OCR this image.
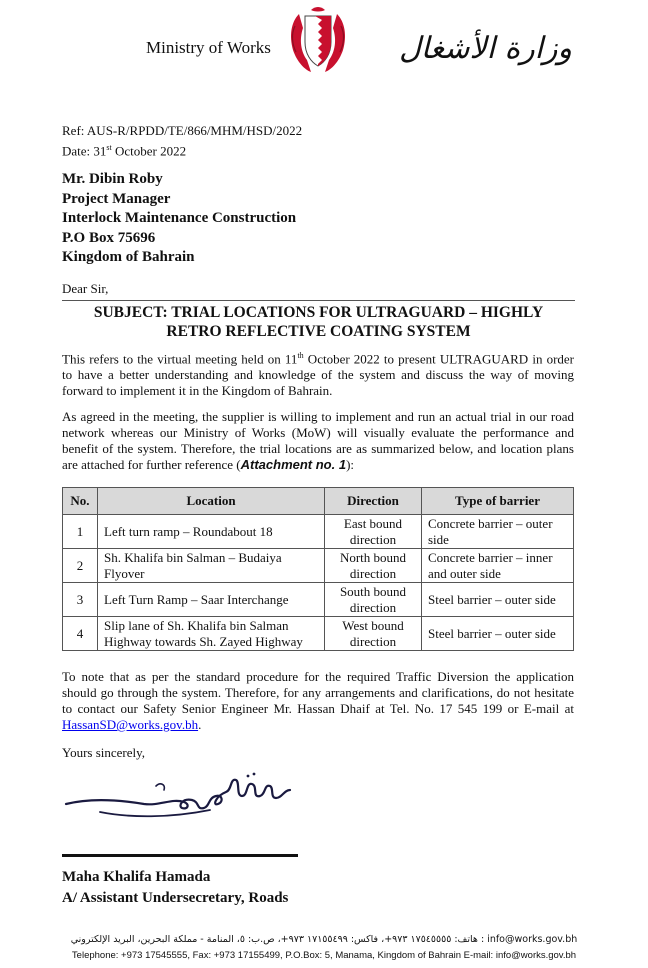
Ministry of Works	وزارة الأشغال
Ref: AUS-R/RPDD/TE/866/MHM/HSD/2022
Date: 31st October 2022
Mr. Dibin Roby
Project Manager
Interlock Maintenance Construction
P.O Box 75696
Kingdom of Bahrain
Dear Sir,
SUBJECT: TRIAL LOCATIONS FOR ULTRAGUARD – HIGHLY
RETRO REFLECTIVE COATING SYSTEM
This refers to the virtual meeting held on 11th October 2022 to present ULTRAGUARD in order to have a better understanding and knowledge of the system and discuss the way of moving forward to implement it in the Kingdom of Bahrain.
As agreed in the meeting, the supplier is willing to implement and run an actual trial in our road network whereas our Ministry of Works (MoW) will visually evaluate the performance and benefit of the system. Therefore, the trial locations are as summarized below, and location plans are attached for further reference (Attachment no. 1):
No.	Location	Direction	Type of barrier
1	Left turn ramp – Roundabout 18	East bound direction	Concrete barrier – outer side
2	Sh. Khalifa bin Salman – Budaiya Flyover	North bound direction	Concrete barrier – inner and outer side
3	Left Turn Ramp – Saar Interchange	South bound direction	Steel barrier – outer side
4	Slip lane of Sh. Khalifa bin Salman Highway towards Sh. Zayed Highway	West bound direction	Steel barrier – outer side
To note that as per the standard procedure for the required Traffic Diversion the application should go through the system. Therefore, for any arrangements and clarifications, do not hesitate to contact our Safety Senior Engineer Mr. Hassan Dhaif at Tel. No. 17 545 199 or E-mail at HassanSD@works.gov.bh.
Yours sincerely,
Maha Khalifa Hamada
A/ Assistant Undersecretary, Roads
هاتف: ١٧٥٤٥٥٥٥ ٩٧٣+، فاكس: ١٧١٥٥٤٩٩ ٩٧٣+، ص.ب: ٥، المنامة - مملكة البحرين، البريد الإلكتروني : info@works.gov.bh
Telephone: +973 17545555, Fax: +973 17155499, P.O.Box: 5, Manama, Kingdom of Bahrain E-mail: info@works.gov.bh
